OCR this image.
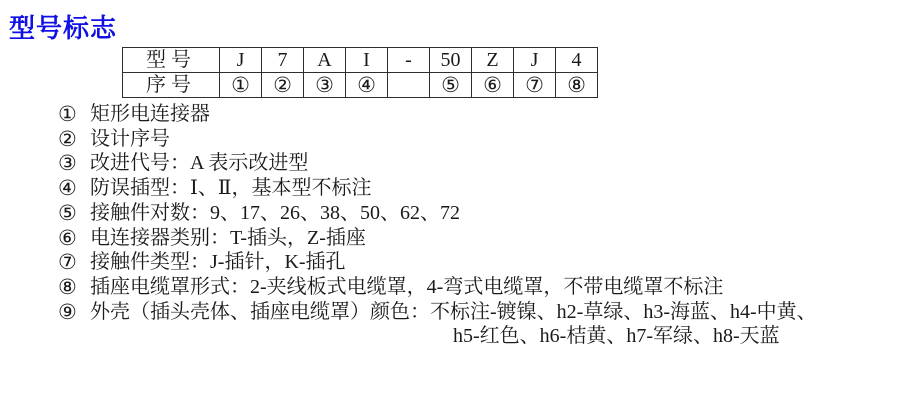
型号标志
型号	J	7	A	I	-	50	Z	J	4
序号	①	②	③	④		⑤	⑥	⑦	⑧
① 矩形电连接器
② 设计序号
③ 改进代号：A 表示改进型
④ 防误插型：Ⅰ、Ⅱ，基本型不标注
⑤ 接触件对数：9、17、26、38、50、62、72
⑥ 电连接器类别：T-插头，Z-插座
⑦ 接触件类型：J-插针，K-插孔
⑧ 插座电缆罩形式：2-夹线板式电缆罩，4-弯式电缆罩，不带电缆罩不标注
⑨ 外壳（插头壳体、插座电缆罩）颜色：不标注-镀镍、h2-草绿、h3-海蓝、h4-中黄、
h5-红色、h6-桔黄、h7-军绿、h8-天蓝
